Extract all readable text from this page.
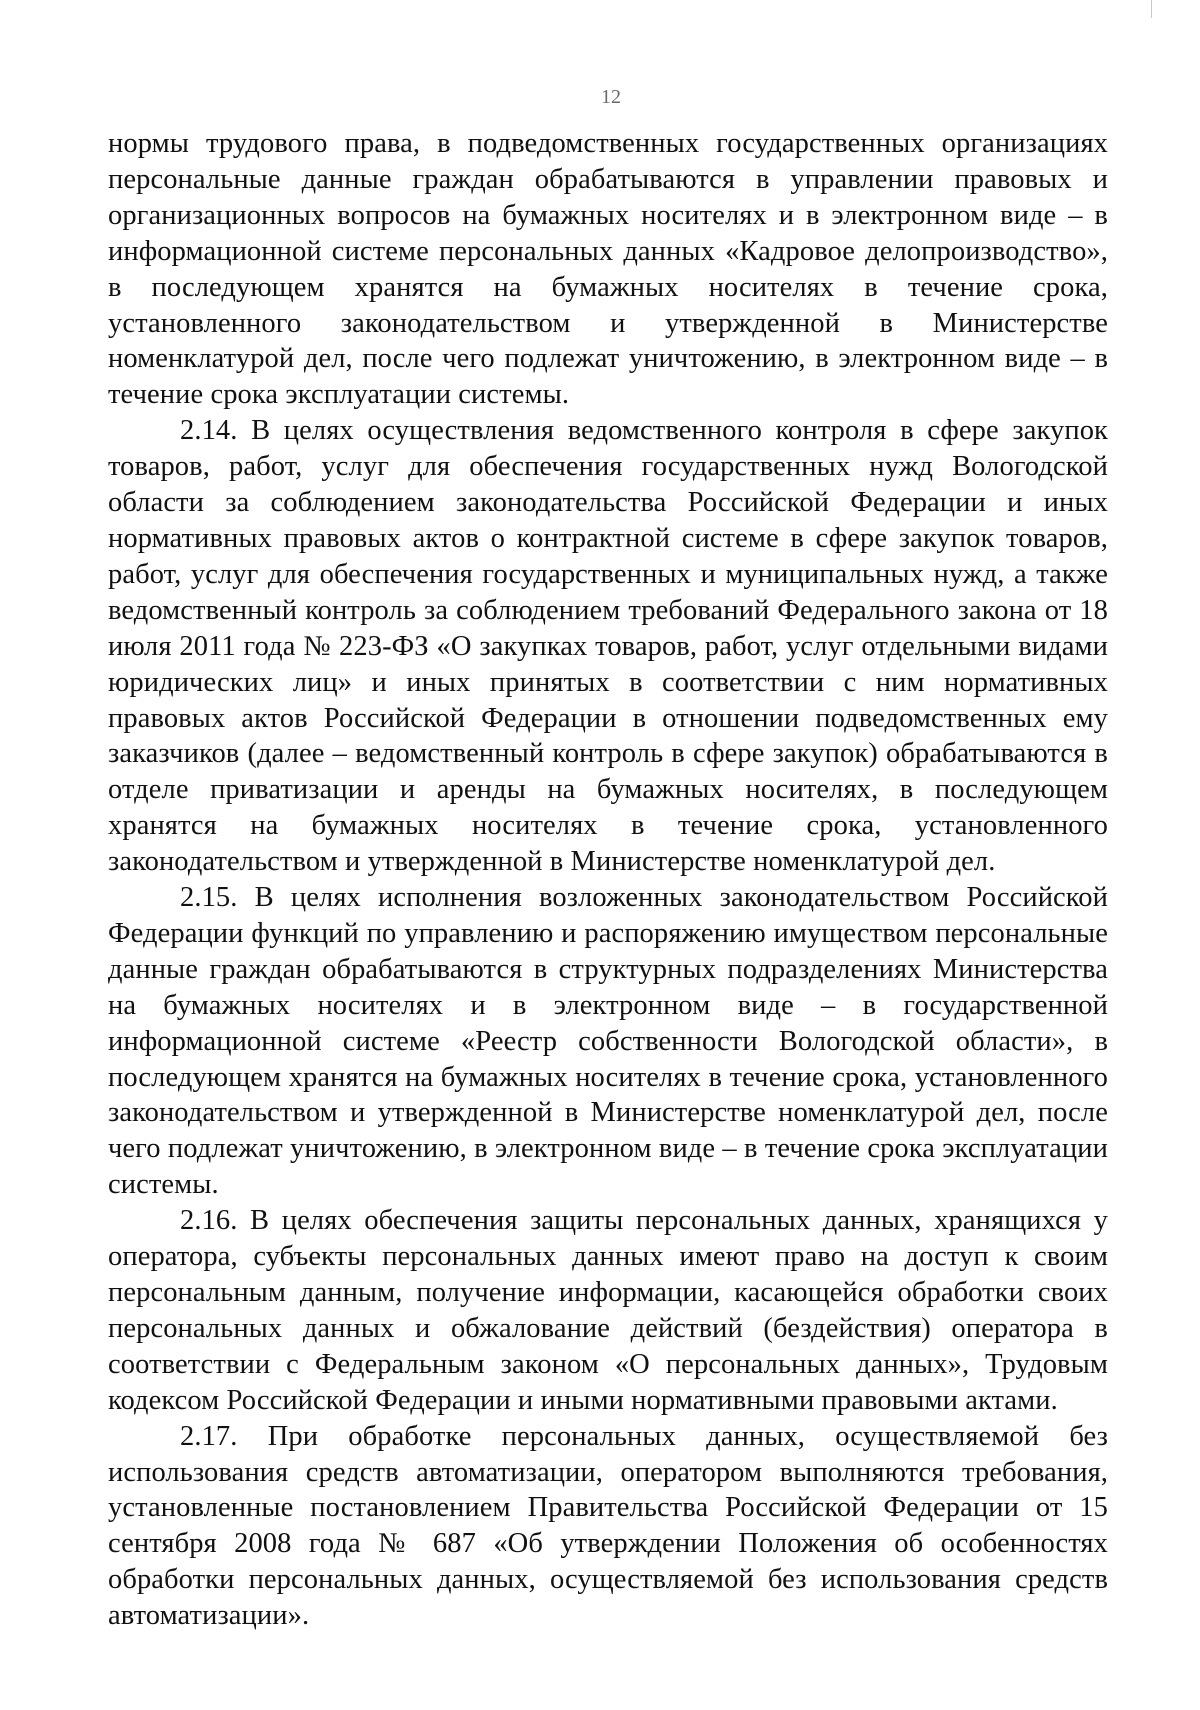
12

нормы трудового права, в подведомственных государственных организациях персональные данные граждан обрабатываются в управлении правовых и организационных вопросов на бумажных носителях и в электронном виде – в информационной системе персональных данных «Кадровое делопроизводство», в последующем хранятся на бумажных носителях в течение срока, установленного законодательством и утвержденной в Министерстве номенклатурой дел, после чего подлежат уничтожению, в электронном виде – в течение срока эксплуатации системы.

2.14. В целях осуществления ведомственного контроля в сфере закупок товаров, работ, услуг для обеспечения государственных нужд Вологодской области за соблюдением законодательства Российской Федерации и иных нормативных правовых актов о контрактной системе в сфере закупок товаров, работ, услуг для обеспечения государственных и муниципальных нужд, а также ведомственный контроль за соблюдением требований Федерального закона от 18 июля 2011 года № 223-ФЗ «О закупках товаров, работ, услуг отдельными видами юридических лиц» и иных принятых в соответствии с ним нормативных правовых актов Российской Федерации в отношении подведомственных ему заказчиков (далее – ведомственный контроль в сфере закупок) обрабатываются в отделе приватизации и аренды на бумажных носителях, в последующем хранятся на бумажных носителях в течение срока, установленного законодательством и утвержденной в Министерстве номенклатурой дел.

2.15. В целях исполнения возложенных законодательством Российской Федерации функций по управлению и распоряжению имуществом персональные данные граждан обрабатываются в структурных подразделениях Министерства на бумажных носителях и в электронном виде – в государственной информационной системе «Реестр собственности Вологодской области», в последующем хранятся на бумажных носителях в течение срока, установленного законодательством и утвержденной в Министерстве номенклатурой дел, после чего подлежат уничтожению, в электронном виде – в течение срока эксплуатации системы.

2.16. В целях обеспечения защиты персональных данных, хранящихся у оператора, субъекты персональных данных имеют право на доступ к своим персональным данным, получение информации, касающейся обработки своих персональных данных и обжалование действий (бездействия) оператора в соответствии с Федеральным законом «О персональных данных», Трудовым кодексом Российской Федерации и иными нормативными правовыми актами.

2.17. При обработке персональных данных, осуществляемой без использования средств автоматизации, оператором выполняются требования, установленные постановлением Правительства Российской Федерации от 15 сентября 2008 года № 687 «Об утверждении Положения об особенностях обработки персональных данных, осуществляемой без использования средств автоматизации».
